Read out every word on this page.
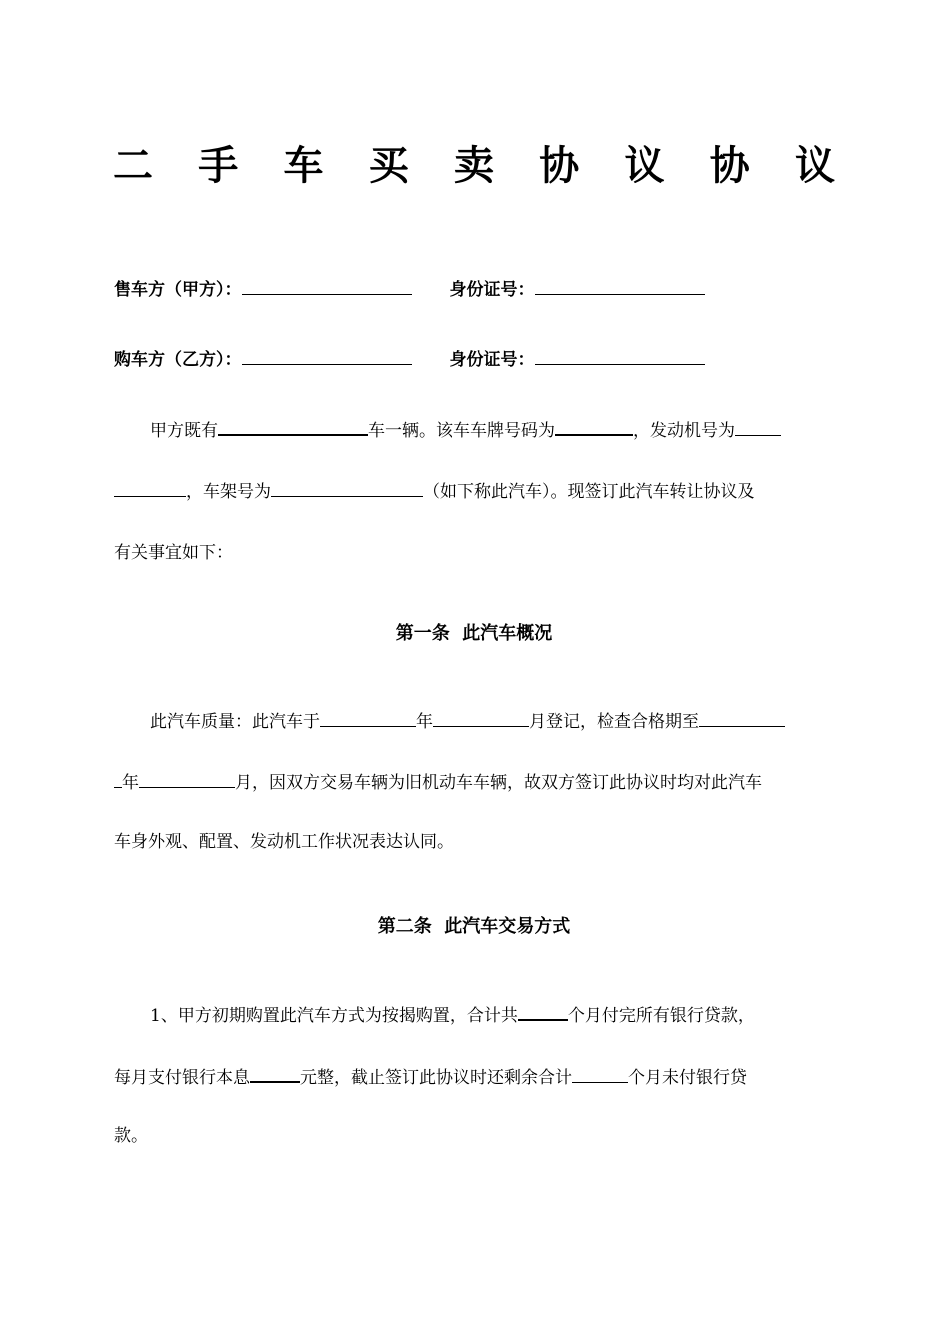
二 手 车 买 卖 协 议 协 议
售车方（甲方）：	身份证号：
购车方（乙方）：	身份证号：
甲方既有	车一辆。该车车牌号码为	，发动机号为
，车架号为	（如下称此汽车）。现签订此汽车转让协议及
有关事宜如下：
第一条  此汽车概况
此汽车质量：此汽车于	年	月登记，检查合格期至
年	月，因双方交易车辆为旧机动车车辆，故双方签订此协议时均对此汽车
车身外观、配置、发动机工作状况表达认同。
第二条  此汽车交易方式
1、甲方初期购置此汽车方式为按揭购置，合计共	个月付完所有银行贷款，
每月支付银行本息	元整，截止签订此协议时还剩余合计	个月未付银行贷
款。
